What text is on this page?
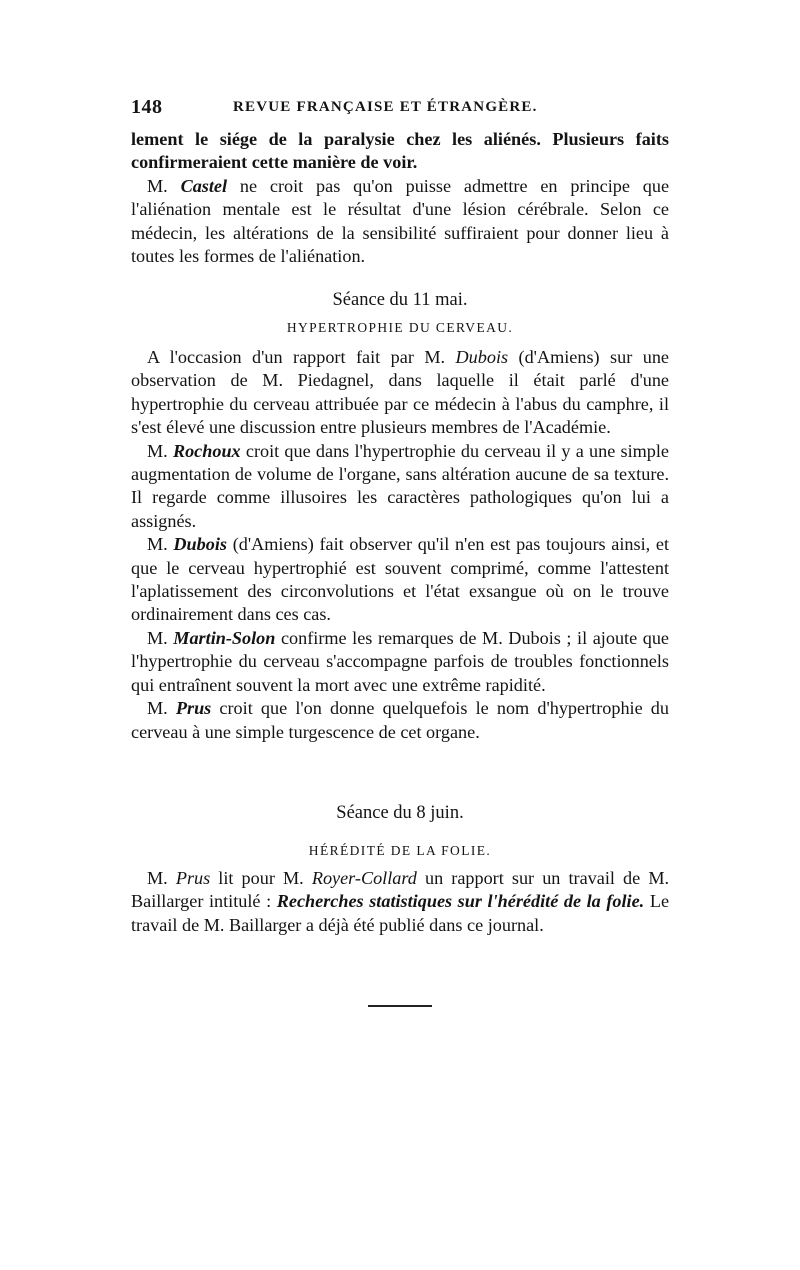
148	REVUE FRANÇAISE ET ÉTRANGÈRE.

lement le siége de la paralysie chez les aliénés. Plusieurs faits confirmeraient cette manière de voir.

M. Castel ne croit pas qu'on puisse admettre en principe que l'aliénation mentale est le résultat d'une lésion cérébrale. Selon ce médecin, les altérations de la sensibilité suffiraient pour donner lieu à toutes les formes de l'aliénation.

Séance du 11 mai.
HYPERTROPHIE DU CERVEAU.

A l'occasion d'un rapport fait par M. Dubois (d'Amiens) sur une observation de M. Piedagnel, dans laquelle il était parlé d'une hypertrophie du cerveau attribuée par ce médecin à l'abus du camphre, il s'est élevé une discussion entre plusieurs membres de l'Académie.

M. Rochoux croit que dans l'hypertrophie du cerveau il y a une simple augmentation de volume de l'organe, sans altération aucune de sa texture. Il regarde comme illusoires les caractères pathologiques qu'on lui a assignés.

M. Dubois (d'Amiens) fait observer qu'il n'en est pas toujours ainsi, et que le cerveau hypertrophié est souvent comprimé, comme l'attestent l'aplatissement des circonvolutions et l'état exsangue où on le trouve ordinairement dans ces cas.

M. Martin-Solon confirme les remarques de M. Dubois ; il ajoute que l'hypertrophie du cerveau s'accompagne parfois de troubles fonctionnels qui entraînent souvent la mort avec une extrême rapidité.

M. Prus croit que l'on donne quelquefois le nom d'hypertrophie du cerveau à une simple turgescence de cet organe.

Séance du 8 juin.
HÉRÉDITÉ DE LA FOLIE.

M. Prus lit pour M. Royer-Collard un rapport sur un travail de M. Baillarger intitulé : Recherches statistiques sur l'hérédité de la folie. Le travail de M. Baillarger a déjà été publié dans ce journal.
